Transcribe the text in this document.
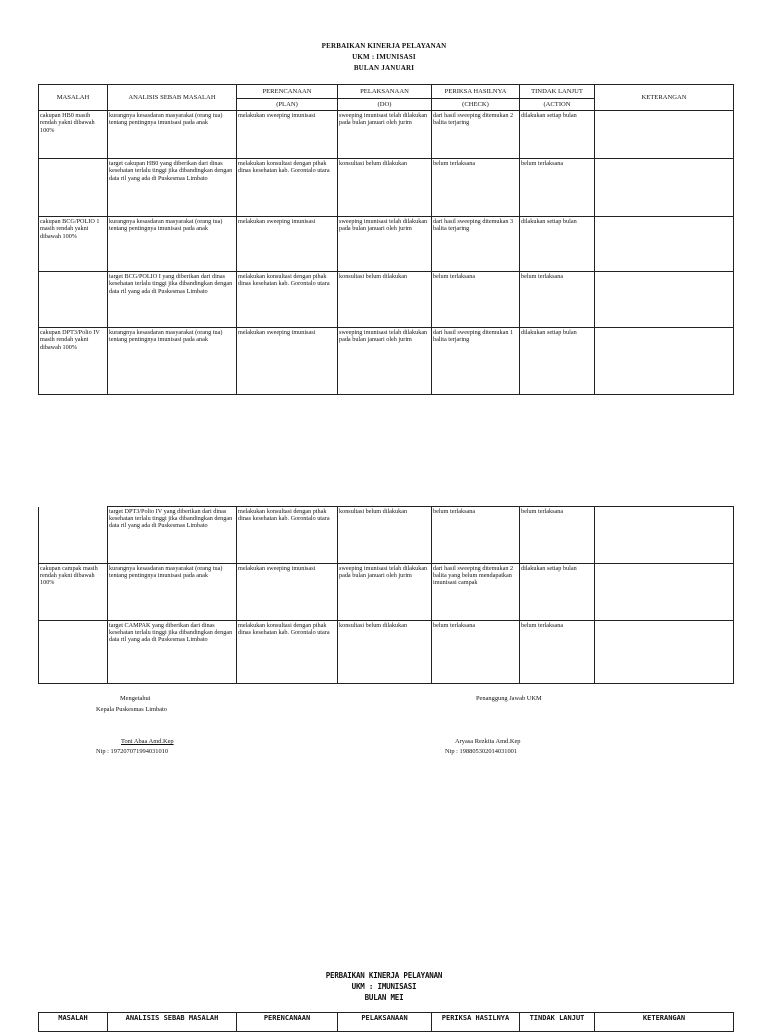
PERBAIKAN KINERJA PELAYANAN
UKM : IMUNISASI
BULAN JANUARI
MASALAH	ANALISIS SEBAB MASALAH	PERENCANAAN	PELAKSANAAN	PERIKSA HASILNYA	TINDAK LANJUT	KETERANGAN
		(PLAN)	(DO)	(CHECK)	(ACTION	
cakupan HB0 masih rendah yakni dibawah 100%	kurangnya kesasdaran masyarakat (orang tua) tentang pentingnya imunisasi pada anak	melakukan sweeping imunisasi	sweeping imunisasi telah dilakukan pada bulan januari oleh jurim	dari hasil sweeping ditemukan 2 balita terjaring	dilakukan setiap bulan	
	target cakupan HB0 yang diberikan dari dinas kesehatan terlalu tinggi jika dibandingkan dengan data ril yang ada di Puskesmas Limbato	melakukan konsultasi dengan pihak dinas kesehatan kab. Gorontalo utara	konsultasi belum dilakukan	belum terlaksana	belum terlaksana	
cakupan BCG/POLIO 1 masih rendah yakni dibawah 100%	kurangnya kesasdaran masyarakat (orang tua) tentang pentingnya imunisasi pada anak	melakukan sweeping imunisasi	sweeping imunisasi telah dilakukan pada bulan januari oleh jurim	dari hasil sweeping ditemukan 3 balita terjaring	dilakukan setiap bulan	
	target BCG/POLIO I yang diberikan dari dinas kesehatan terlalu tinggi jika dibandingkan dengan data ril yang ada di Puskesmas Limbato	melakukan konsultasi dengan pihak dinas kesehatan kab. Gorontalo utara	konsultasi belum dilakukan	belum terlaksana	belum terlaksana	
cakupan DPT3/Polio IV masih rendah yakni dibawah 100%	kurangnya kesasdaran masyarakat (orang tua) tentang pentingnya imunisasi pada anak	melakukan sweeping imunisasi	sweeping imunisasi telah dilakukan pada bulan januari oleh jurim	dari hasil sweeping ditemukan 1 balita terjaring	dilakukan setiap bulan	
	target DPT3/Polio IV yang diberikan dari dinas kesehatan terlalu tinggi jika dibandingkan dengan data ril yang ada di Puskesmas Limbato	melakukan konsultasi dengan pihak dinas kesehatan kab. Gorontalo utara	konsultasi belum dilakukan	belum terlaksana	belum terlaksana	
cakupan campak masih rendah yakni dibawah 100%	kurangnya kesasdaran masyarakat (orang tua) tentang pentingnya imunisasi pada anak	melakukan sweeping imunisasi	sweeping imunisasi telah dilakukan pada bulan januari oleh jurim	dari hasil sweeping ditemukan 2 balita yang belum mendapatkan imunisasi campak	dilakukan setiap bulan	
	target CAMPAK yang diberikan dari dinas kesehatan terlalu tinggi jika dibandingkan dengan data ril yang ada di Puskesmas Limbato	melakukan konsultasi dengan pihak dinas kesehatan kab. Gorontalo utara	konsultasi belum dilakukan	belum terlaksana	belum terlaksana	
Mengetahui
Kepala Puskesmas Limbato
Toni Abaa Amd.Kep
Nip : 197207071994031010
Penanggung Jawab UKM
Aryasa Rezkita Amd.Kep
Nip : 198805302014031001
PERBAIKAN KINERJA PELAYANAN
UKM : IMUNISASI
BULAN MEI
MASALAH	ANALISIS SEBAB MASALAH	PERENCANAAN	PELAKSANAAN	PERIKSA HASILNYA	TINDAK LANJUT	KETERANGAN
